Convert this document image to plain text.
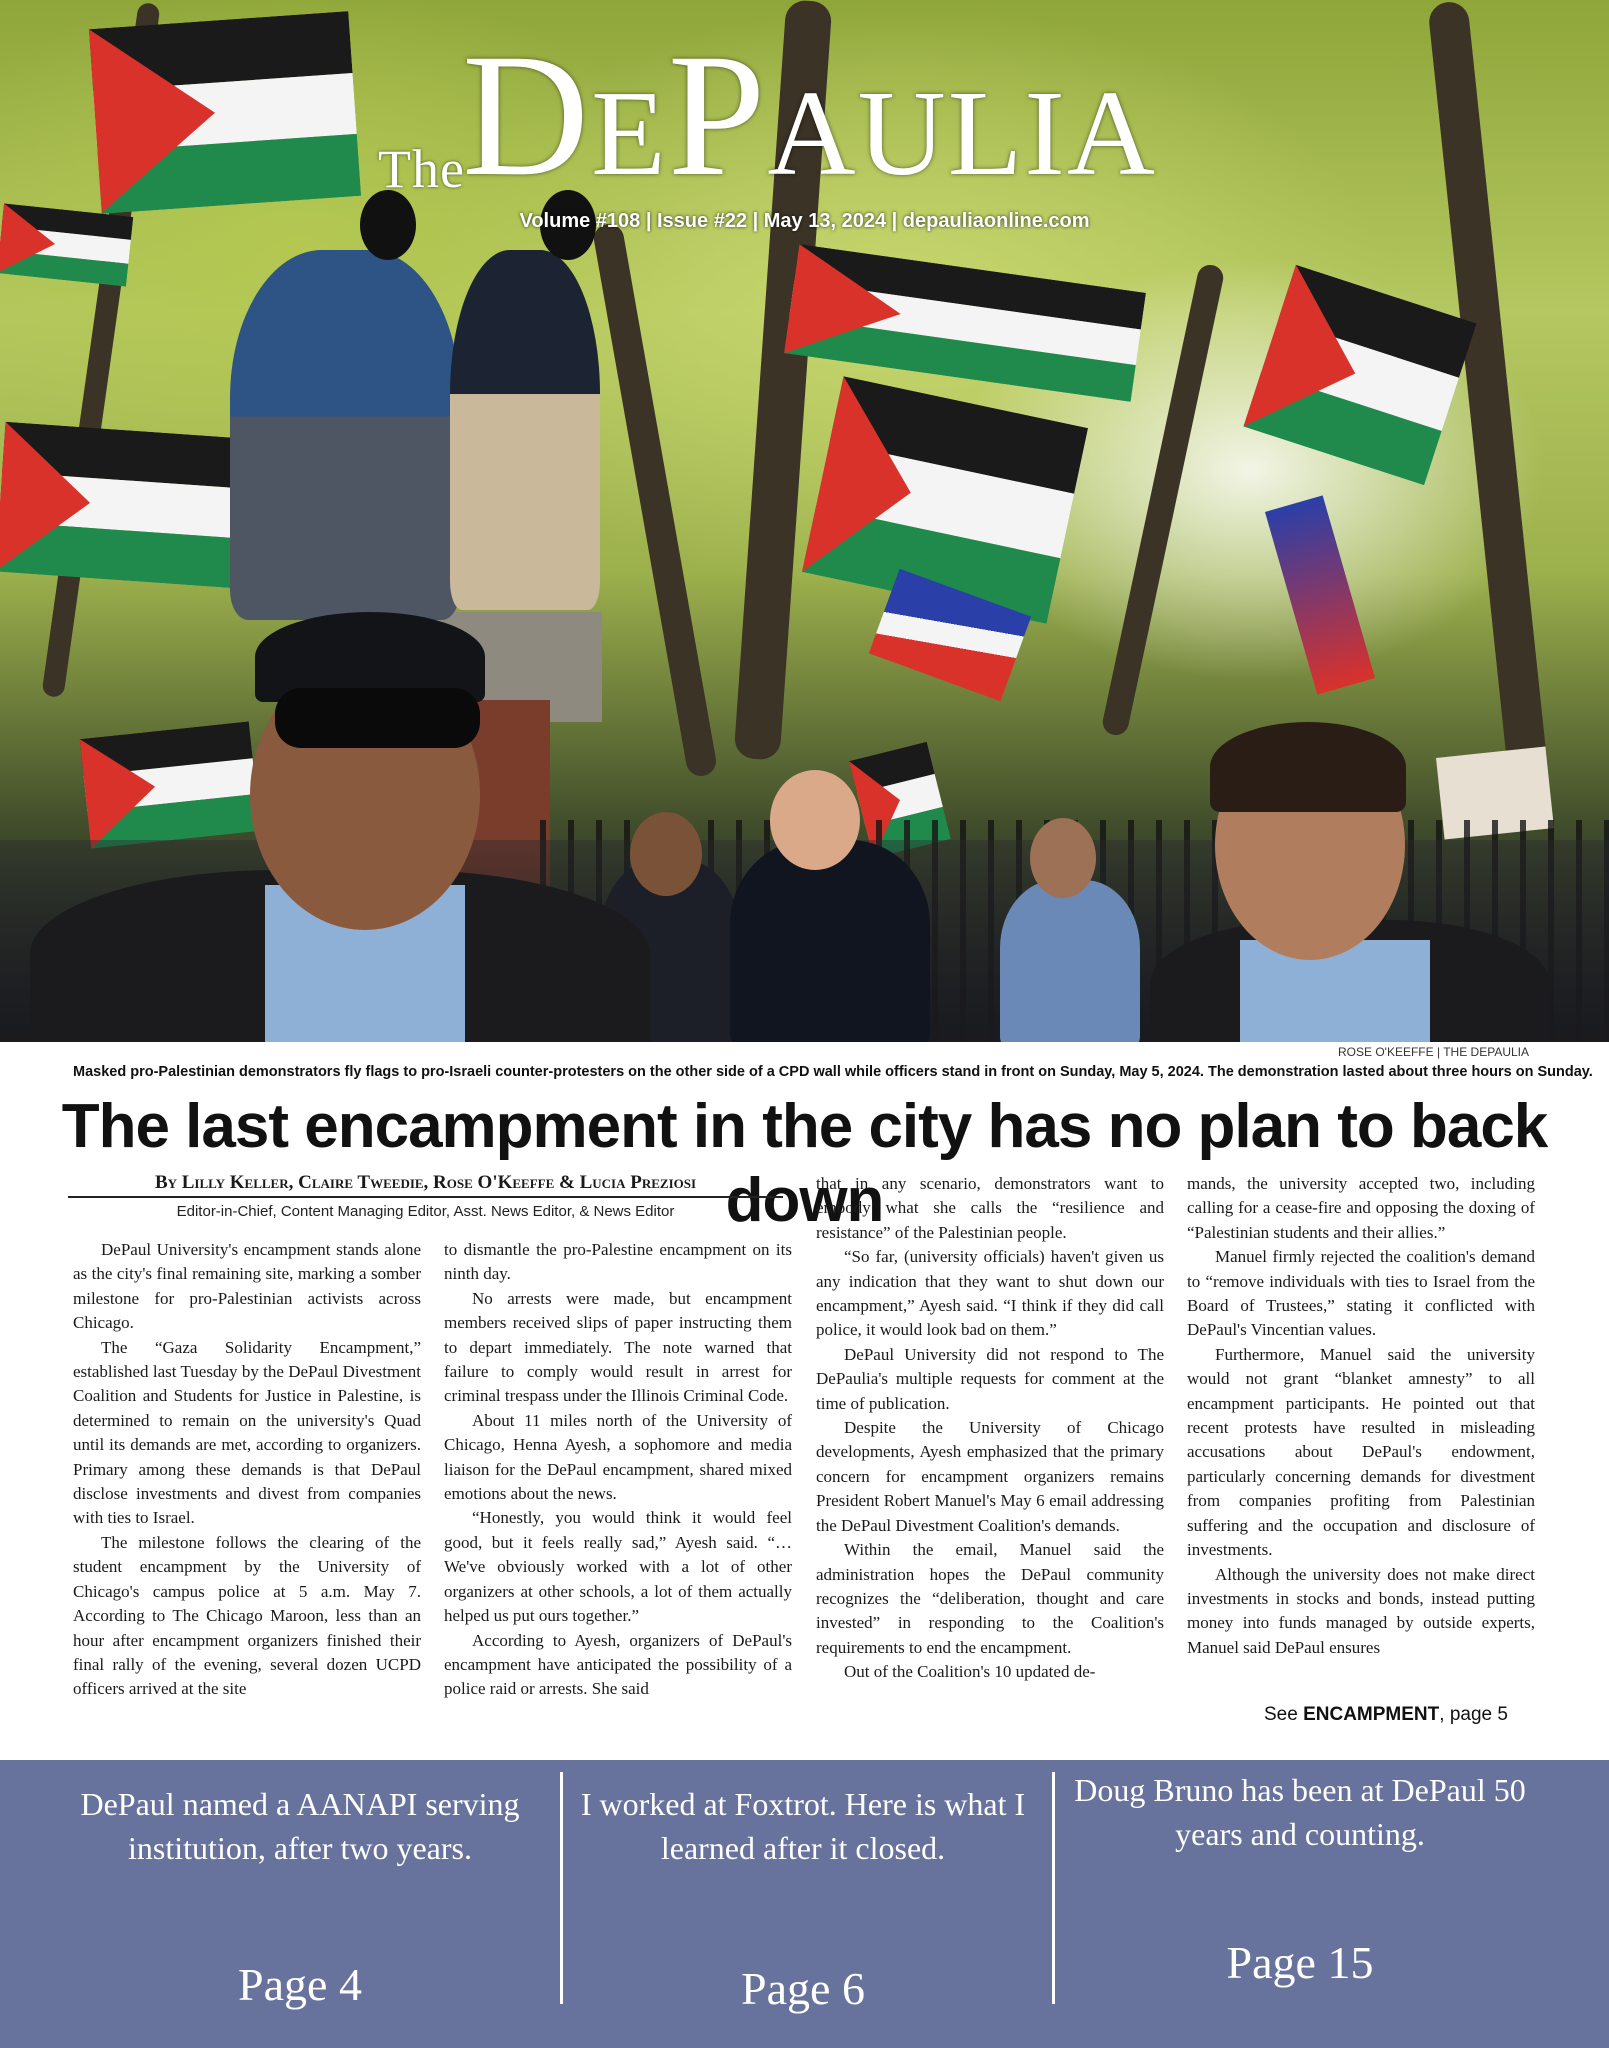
The
DEPAULIA
Volume #108 | Issue #22 | May 13, 2024 | depauliaonline.com
ROSE O'KEEFFE | THE DEPAULIA
Masked pro-Palestinian demonstrators fly flags to pro-Israeli counter-protesters on the other side of a CPD wall while officers stand in front on Sunday, May 5, 2024. The demonstration lasted about three hours on Sunday.
The last encampment in the city has no plan to back down
By Lilly Keller, Claire Tweedie, Rose O'Keeffe & Lucia Preziosi
Editor-in-Chief, Content Managing Editor, Asst. News Editor, & News Editor

DePaul University's encampment stands alone as the city's final remaining site, marking a somber milestone for pro-Palestinian activists across Chicago.

The “Gaza Solidarity Encampment,” established last Tuesday by the DePaul Divestment Coalition and Students for Justice in Palestine, is determined to remain on the university's Quad until its demands are met, according to organizers. Primary among these demands is that DePaul disclose investments and divest from companies with ties to Israel.

The milestone follows the clearing of the student encampment by the University of Chicago's campus police at 5 a.m. May 7. According to The Chicago Maroon, less than an hour after encampment organizers finished their final rally of the evening, several dozen UCPD officers arrived at the site

to dismantle the pro-Palestine encampment on its ninth day.

No arrests were made, but encampment members received slips of paper instructing them to depart immediately. The note warned that failure to comply would result in arrest for criminal trespass under the Illinois Criminal Code.

About 11 miles north of the University of Chicago, Henna Ayesh, a sophomore and media liaison for the DePaul encampment, shared mixed emotions about the news.

“Honestly, you would think it would feel good, but it feels really sad,” Ayesh said. “… We've obviously worked with a lot of other organizers at other schools, a lot of them actually helped us put ours together.”

According to Ayesh, organizers of DePaul's encampment have anticipated the possibility of a police raid or arrests. She said

that in any scenario, demonstrators want to embody what she calls the “resilience and resistance” of the Palestinian people.

“So far, (university officials) haven't given us any indication that they want to shut down our encampment,” Ayesh said. “I think if they did call police, it would look bad on them.”

DePaul University did not respond to The DePaulia's multiple requests for comment at the time of publication.

Despite the University of Chicago developments, Ayesh emphasized that the primary concern for encampment organizers remains President Robert Manuel's May 6 email addressing the DePaul Divestment Coalition's demands.

Within the email, Manuel said the administration hopes the DePaul community recognizes the “deliberation, thought and care invested” in responding to the Coalition's requirements to end the encampment.

Out of the Coalition's 10 updated de-

mands, the university accepted two, including calling for a cease-fire and opposing the doxing of “Palestinian students and their allies.”

Manuel firmly rejected the coalition's demand to “remove individuals with ties to Israel from the Board of Trustees,” stating it conflicted with DePaul's Vincentian values.

Furthermore, Manuel said the university would not grant “blanket amnesty” to all encampment participants. He pointed out that recent protests have resulted in misleading accusations about DePaul's endowment, particularly concerning demands for divestment from companies profiting from Palestinian suffering and the occupation and disclosure of investments.

Although the university does not make direct investments in stocks and bonds, instead putting money into funds managed by outside experts, Manuel said DePaul ensures

See ENCAMPMENT, page 5
DePaul named a AANAPI serving institution, after two years.
Page 4
I worked at Foxtrot. Here is what I learned after it closed.
Page 6
Doug Bruno has been at DePaul 50 years and counting.
Page 15
